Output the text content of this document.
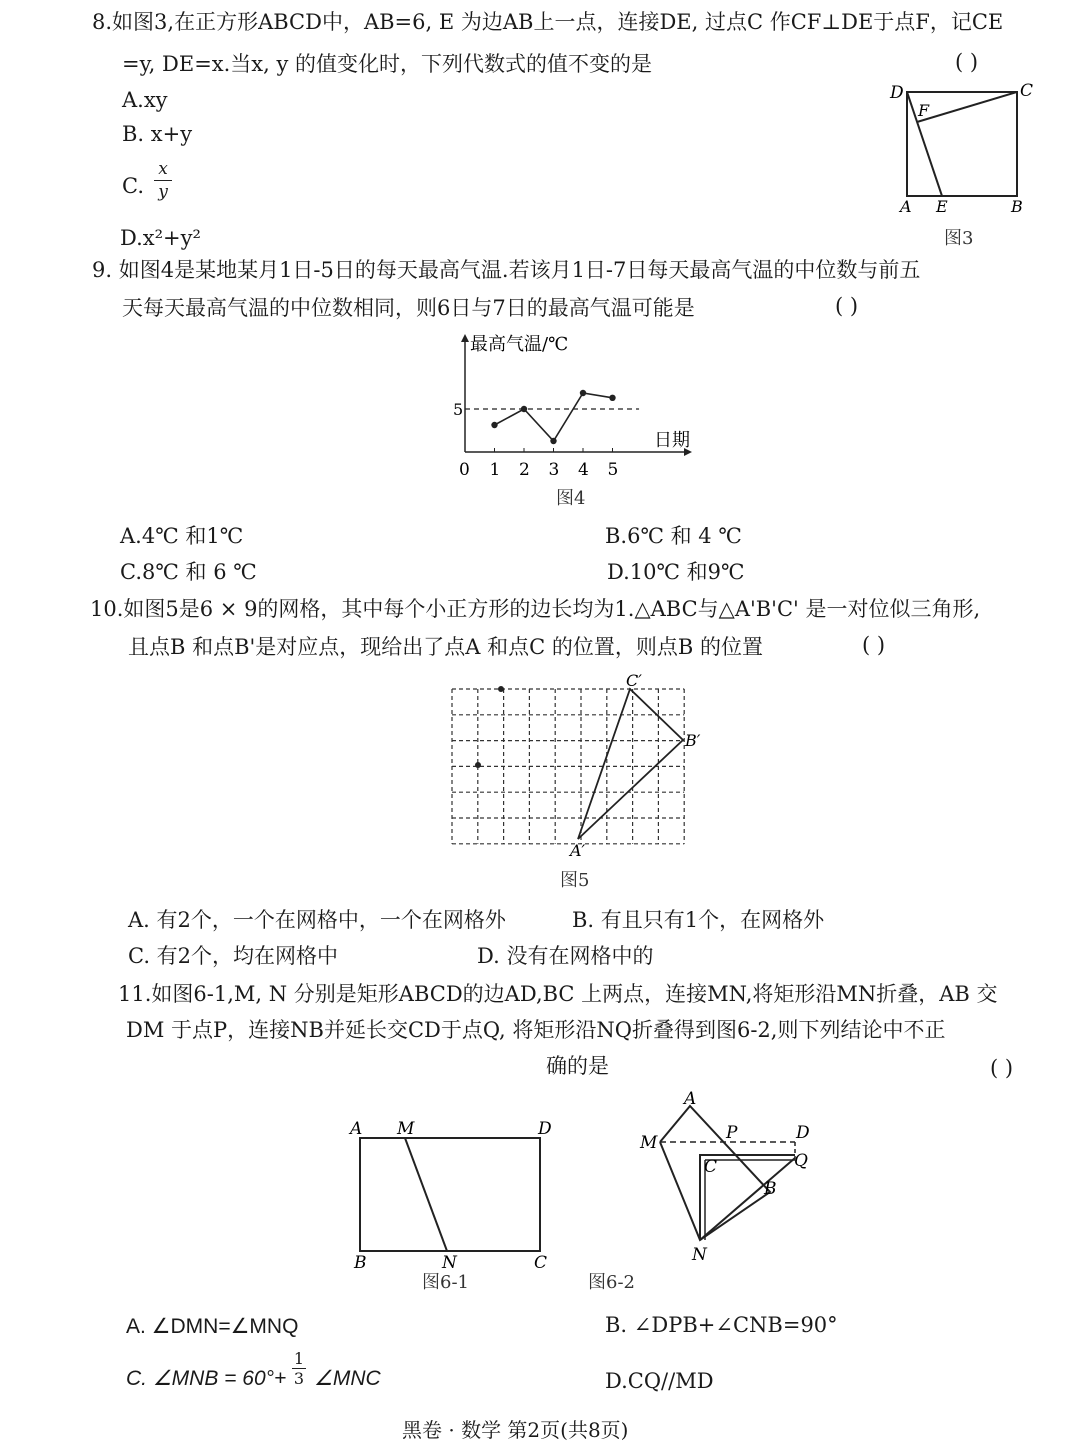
8.如图3,在正方形ABCD中，AB=6, E 为边AB上一点，连接DE, 过点C 作CF⊥DE于点F，记CE
=y, DE=x.当x, y 的值变化时，下列代数式的值不变的是	( )
A.xy
B. x+y
C.
x
y
D.x²+y²
D	C
F
A E	B
图3
9. 如图4是某地某月1日-5日的每天最高气温.若该月1日-7日每天最高气温的中位数与前五
天每天最高气温的中位数相同，则6日与7日的最高气温可能是	( )
最高气温/℃
日期
5
0 1 2 3 4 5
图4
A.4℃ 和1℃	B.6℃ 和 4 ℃
C.8℃ 和 6 ℃	D.10℃ 和9℃
10.如图5是6 × 9的网格，其中每个小正方形的边长均为1.△ABC与△A'B'C' 是一对位似三角形,
且点B 和点B'是对应点，现给出了点A 和点C 的位置，则点B 的位置	( )
C′
B′
A′
图5
A. 有2个，一个在网格中，一个在网格外	B. 有且只有1个，在网格外
C. 有2个，均在网格中	D. 没有在网格中的
11.如图6-1,M, N 分别是矩形ABCD的边AD,BC 上两点，连接MN,将矩形沿MN折叠，AB 交
DM 于点P，连接NB并延长交CD于点Q, 将矩形沿NQ折叠得到图6-2,则下列结论中不正
确的是	( )
A M	D
B	N	C
图6-1
A
M	P	D
C	Q
B
N
图6-2
A. ∠DMN=∠MNQ	B. ∠DPB+∠CNB=90°
C. ∠MNB = 60°+
1
3 ∠MNC	D.CQ//MD
黑卷 · 数学 第2页(共8页)
